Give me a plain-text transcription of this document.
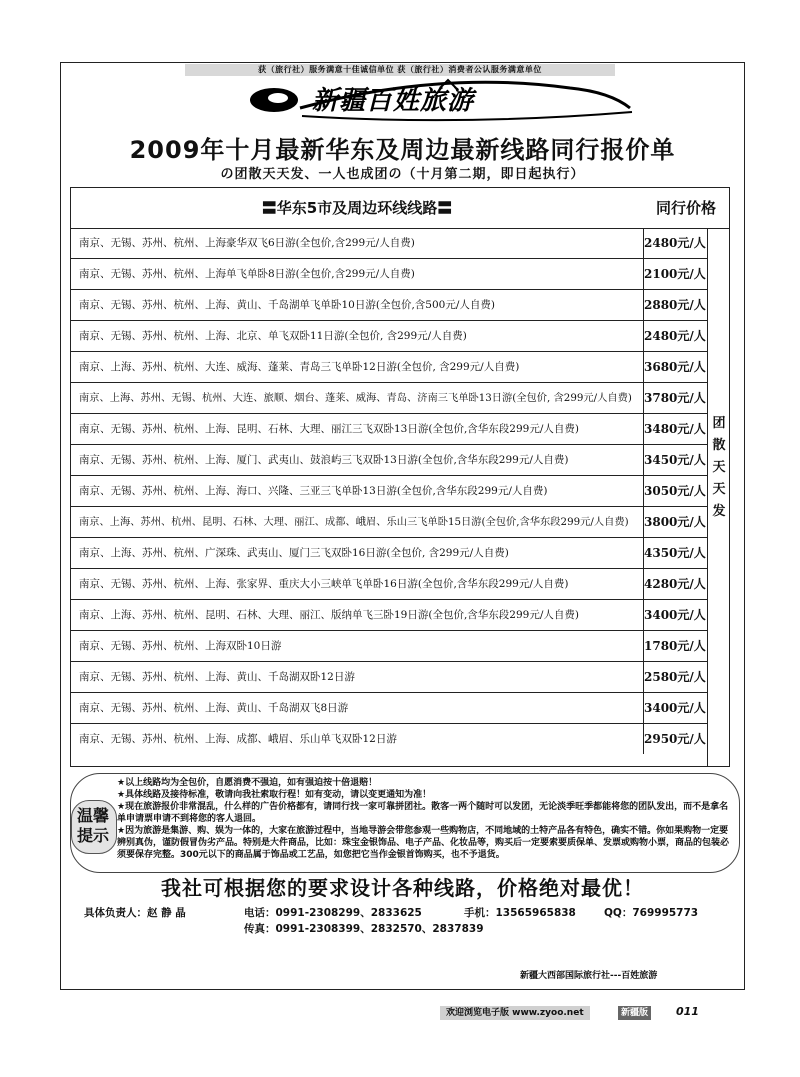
获（旅行社）服务满意十佳诚信单位 获（旅行社）消费者公认服务满意单位
新疆百姓旅游
2009年十月最新华东及周边最新线路同行报价单
の团散天天发、一人也成团の（十月第二期，即日起执行）
〓华东5市及周边环线线路〓	同行价格
南京、无锡、苏州、杭州、上海豪华双飞6日游(全包价,含299元/人自费)	2480元/人
南京、无锡、苏州、杭州、上海单飞单卧8日游(全包价,含299元/人自费)	2100元/人
南京、无锡、苏州、杭州、上海、黄山、千岛湖单飞单卧10日游(全包价,含500元/人自费)	2880元/人
南京、无锡、苏州、杭州、上海、北京、单飞双卧11日游(全包价, 含299元/人自费)	2480元/人
南京、上海、苏州、杭州、大连、威海、蓬莱、青岛三飞单卧12日游(全包价, 含299元/人自费)	3680元/人
南京、上海、苏州、无锡、杭州、大连、旅顺、烟台、蓬莱、威海、青岛、济南三飞单卧13日游(全包价, 含299元/人自费)	3780元/人
南京、无锡、苏州、杭州、上海、昆明、石林、大理、丽江三飞双卧13日游(全包价,含华东段299元/人自费)	3480元/人
南京、无锡、苏州、杭州、上海、厦门、武夷山、鼓浪屿三飞双卧13日游(全包价,含华东段299元/人自费)	3450元/人
南京、无锡、苏州、杭州、上海、海口、兴隆、三亚三飞单卧13日游(全包价,含华东段299元/人自费)	3050元/人
南京、上海、苏州、杭州、昆明、石林、大理、丽江、成都、峨眉、乐山三飞单卧15日游(全包价,含华东段299元/人自费)	3800元/人
南京、上海、苏州、杭州、广深珠、武夷山、厦门三飞双卧16日游(全包价, 含299元/人自费)	4350元/人
南京、无锡、苏州、杭州、上海、张家界、重庆大小三峡单飞单卧16日游(全包价,含华东段299元/人自费)	4280元/人
南京、上海、苏州、杭州、昆明、石林、大理、丽江、版纳单飞三卧19日游(全包价,含华东段299元/人自费)	3400元/人
南京、无锡、苏州、杭州、上海双卧10日游	1780元/人
南京、无锡、苏州、杭州、上海、黄山、千岛湖双卧12日游	2580元/人
南京、无锡、苏州、杭州、上海、黄山、千岛湖双飞8日游	3400元/人
南京、无锡、苏州、杭州、上海、成都、峨眉、乐山单飞双卧12日游	2950元/人
团散天天发
温馨提示
★以上线路均为全包价，自愿消费不强迫，如有强迫按十倍退赔！
★具体线路及接待标准，敬请向我社索取行程！如有变动，请以变更通知为准！
★现在旅游报价非常混乱，什么样的广告价格都有，请同行找一家可靠拼团社。散客一两个随时可以发团，无论淡季旺季都能将您的团队发出，而不是拿名单申请票申请不到将您的客人退回。
★因为旅游是集游、购、娱为一体的，大家在旅游过程中，当地导游会带您参观一些购物店，不同地域的土特产品各有特色，确实不错。你如果购物一定要辨别真伪，谨防假冒伪劣产品。特别是大件商品，比如：珠宝金银饰品、电子产品、化妆品等，购买后一定要索要质保单、发票或购物小票，商品的包装必须要保存完整。300元以下的商品属于饰品或工艺品，如您把它当作金银首饰购买，也不予退货。
我社可根据您的要求设计各种线路，价格绝对最优！
具体负责人：赵 静 晶	电话：0991-2308299、2833625	手机：13565965838	QQ：769995773
传真：0991-2308399、2832570、2837839
新疆大西部国际旅行社---百姓旅游
欢迎浏览电子版 www.zyoo.net	新疆版	011
